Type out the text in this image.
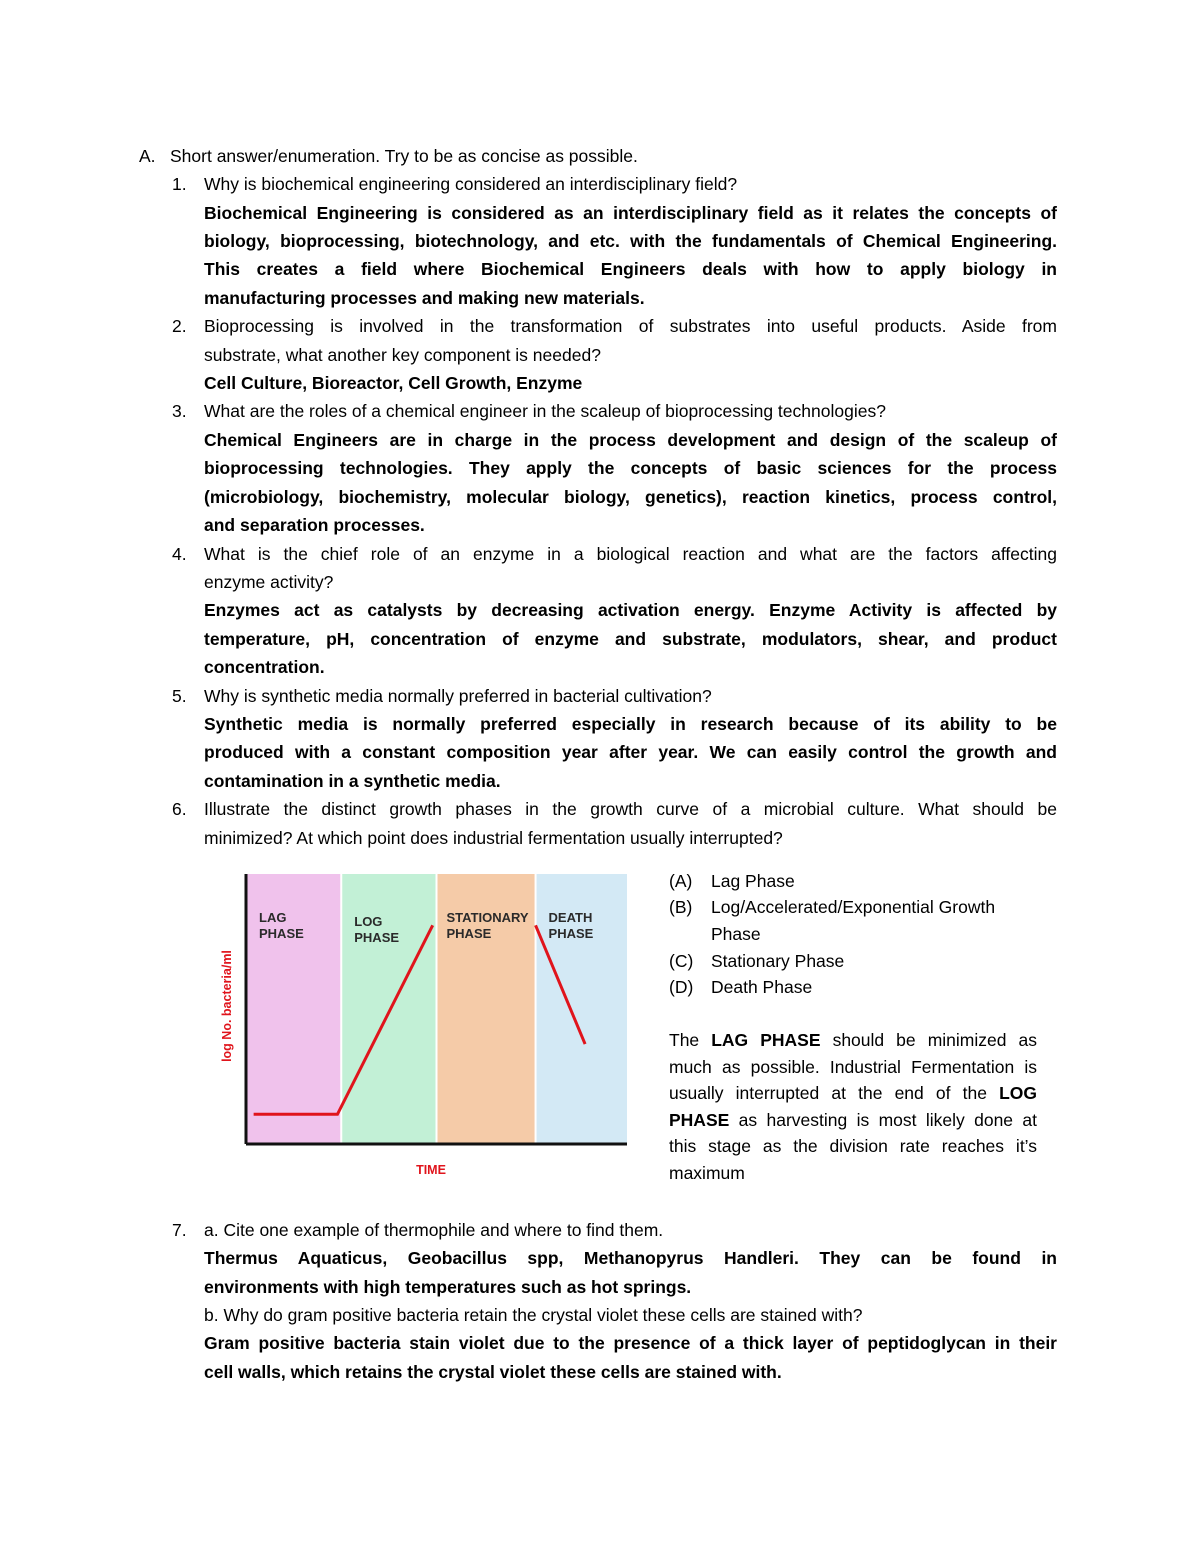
A. Short answer/enumeration. Try to be as concise as possible.
1. Why is biochemical engineering considered an interdisciplinary field?
Biochemical Engineering is considered as an interdisciplinary field as it relates the concepts of
biology, bioprocessing, biotechnology, and etc. with the fundamentals of Chemical Engineering.
This creates a field where Biochemical Engineers deals with how to apply biology in
manufacturing processes and making new materials.
2. Bioprocessing is involved in the transformation of substrates into useful products. Aside from
substrate, what another key component is needed?
Cell Culture, Bioreactor, Cell Growth, Enzyme
3. What are the roles of a chemical engineer in the scaleup of bioprocessing technologies?
Chemical Engineers are in charge in the process development and design of the scaleup of
bioprocessing technologies. They apply the concepts of basic sciences for the process
(microbiology, biochemistry, molecular biology, genetics), reaction kinetics, process control,
and separation processes.
4. What is the chief role of an enzyme in a biological reaction and what are the factors affecting
enzyme activity?
Enzymes act as catalysts by decreasing activation energy. Enzyme Activity is affected by
temperature, pH, concentration of enzyme and substrate, modulators, shear, and product
concentration.
5. Why is synthetic media normally preferred in bacterial cultivation?
Synthetic media is normally preferred especially in research because of its ability to be
produced with a constant composition year after year. We can easily control the growth and
contamination in a synthetic media.
6. Illustrate the distinct growth phases in the growth curve of a microbial culture. What should be
minimized? At which point does industrial fermentation usually interrupted?
LAG PHASE
LOG PHASE
STATIONARY PHASE
DEATH PHASE
log No. bacteria/ml
TIME
(A) Lag Phase
(B) Log/Accelerated/Exponential Growth
Phase
(C) Stationary Phase
(D) Death Phase
The LAG PHASE should be minimized as much as possible. Industrial Fermentation is usually interrupted at the end of the LOG PHASE as harvesting is most likely done at this stage as the division rate reaches it’s maximum
7. a. Cite one example of thermophile and where to find them.
Thermus Aquaticus, Geobacillus spp, Methanopyrus Handleri. They can be found in
environments with high temperatures such as hot springs.
b. Why do gram positive bacteria retain the crystal violet these cells are stained with?
Gram positive bacteria stain violet due to the presence of a thick layer of peptidoglycan in their
cell walls, which retains the crystal violet these cells are stained with.
